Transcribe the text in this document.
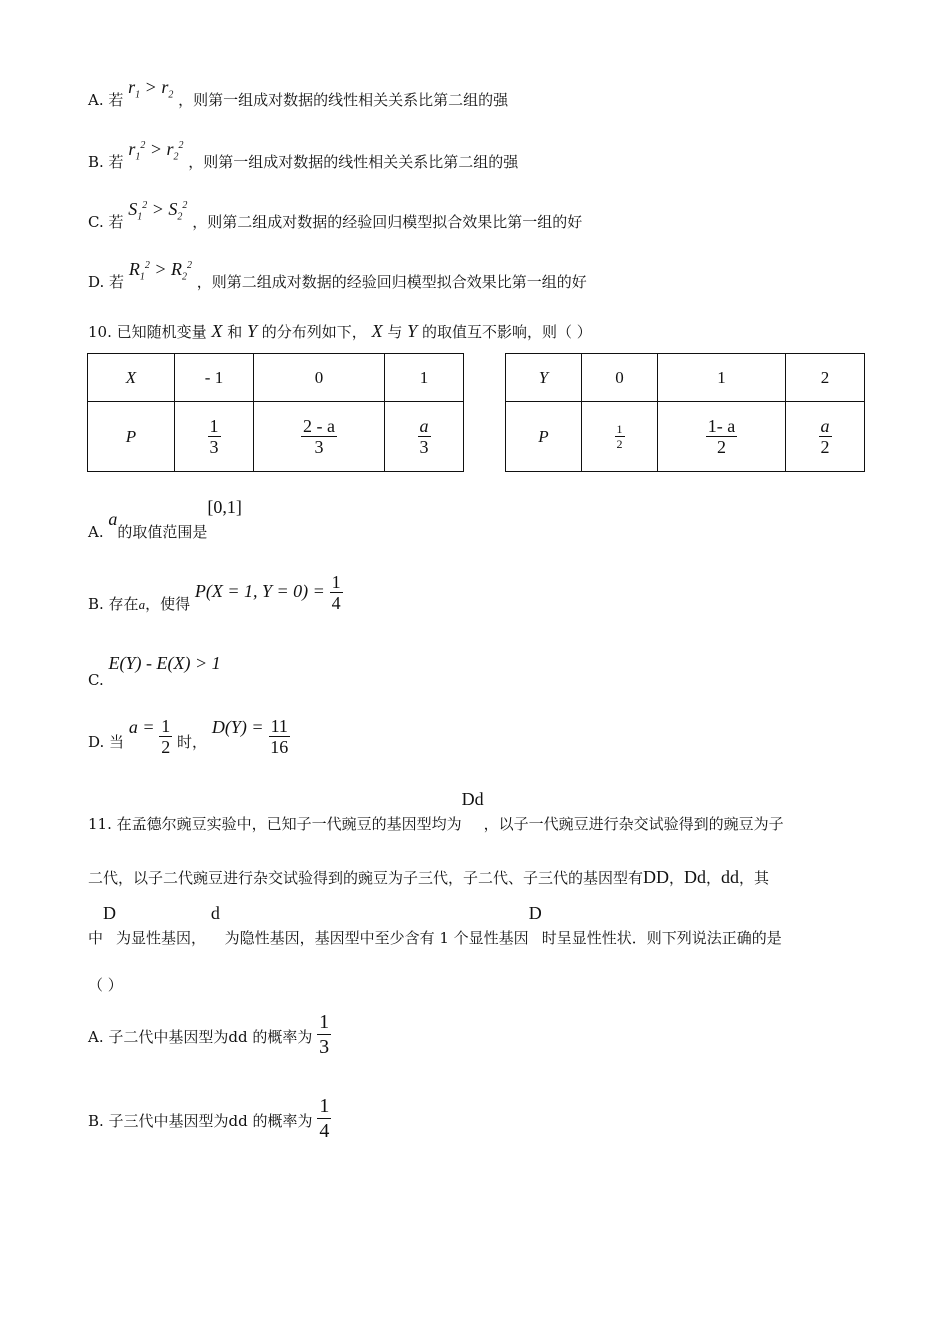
A. 若 $r_1 > r_2$ ，则第一组成对数据的线性相关关系比第二组的强
B. 若 $r_1^2 > r_2^2$ ，则第一组成对数据的线性相关关系比第二组的强
C. 若 $S_1^2 > S_2^2$ ，则第二组成对数据的经验回归模型拟合效果比第一组的好
D. 若 $R_1^2 > R_2^2$ ，则第二组成对数据的经验回归模型拟合效果比第一组的好
10. 已知随机变量 X 和 Y 的分布列如下， X 与 Y 的取值互不影响，则（ ）
X	- 1	0	1
P	$\frac{1}{3}$	$\frac{2 - a}{3}$	$\frac{a}{3}$
Y	0	1	2
P	$\frac{1}{2}$	$\frac{1- a}{2}$	$\frac{a}{2}$
A. a的取值范围是[0,1]
B. 存在a，使得 P(X = 1, $Y = 0) = \frac{1}{4}$
C. E(Y) - E(X) > 1
D. 当 $a = \frac{1}{2}$ 时， $D(Y) = \frac{11}{16}$
11. 在孟德尔豌豆实验中，已知子一代豌豆的基因型均为Dd，以子一代豌豆进行杂交试验得到的豌豆为子
二代，以子二代豌豆进行杂交试验得到的豌豆为子三代，子二代、子三代的基因型有DD，Dd，dd，其
中D为显性基因， d 为隐性基因，基因型中至少含有 1 个显性基因D时呈显性性状．则下列说法正确的是
（ ）
A. 子二代中基因型为dd 的概率为 $\frac{1}{3}$
B. 子三代中基因型为dd 的概率为 $\frac{1}{4}$
